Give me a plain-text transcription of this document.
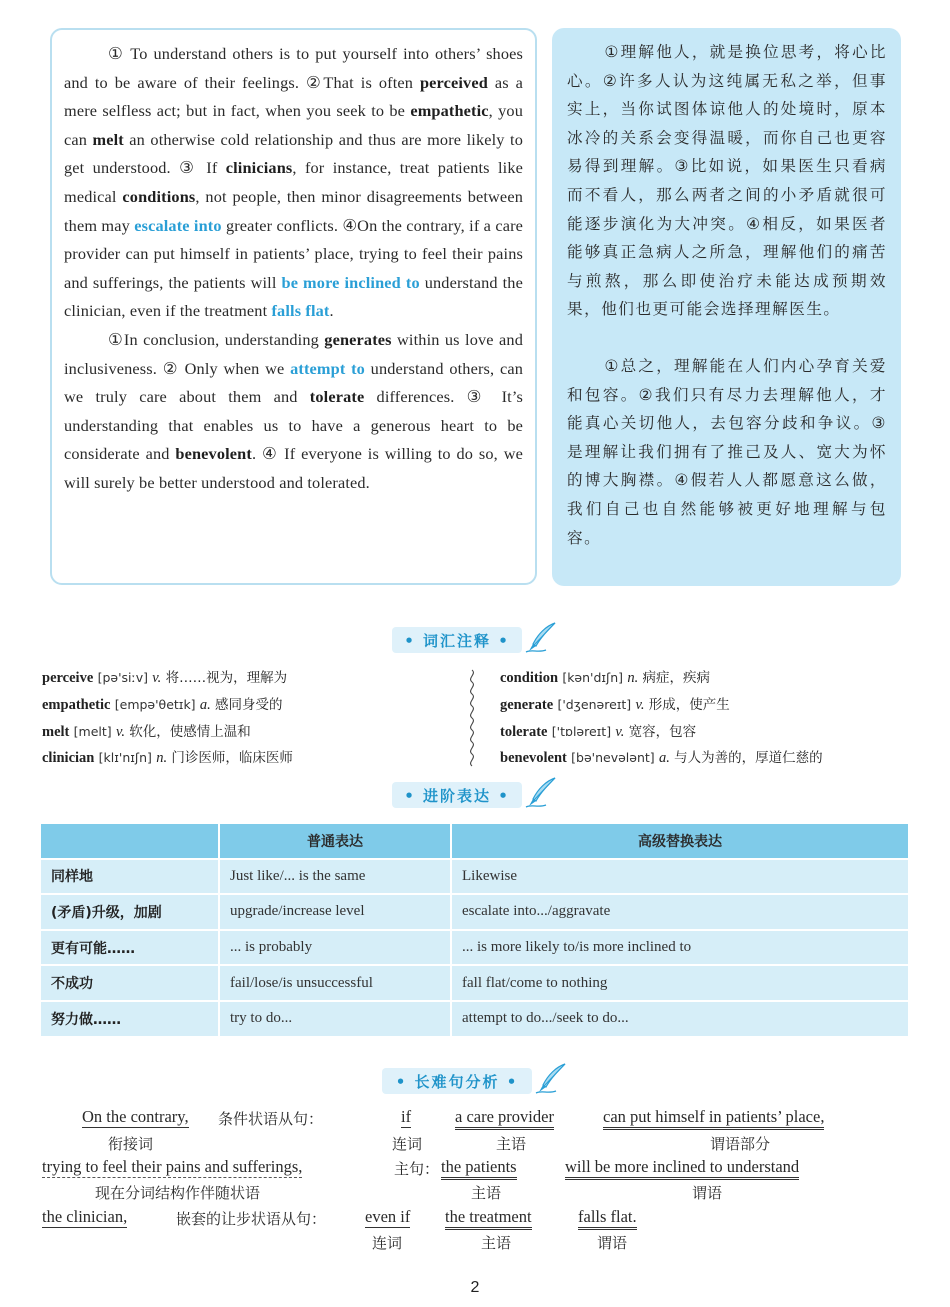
① To understand others is to put yourself into others’ shoes and to be aware of their feelings. ②That is often perceived as a mere selfless act; but in fact, when you seek to be empathetic, you can melt an otherwise cold relationship and thus are more likely to get understood. ③ If clinicians, for instance, treat patients like medical conditions, not people, then minor disagreements between them may escalate into greater conflicts. ④On the contrary, if a care provider can put himself in patients’ place, trying to feel their pains and sufferings, the patients will be more inclined to understand the clinician, even if the treatment falls flat.

①In conclusion, understanding generates within us love and inclusiveness. ② Only when we attempt to understand others, can we truly care about them and tolerate differences. ③ It’s understanding that enables us to have a generous heart to be considerate and benevolent. ④ If everyone is willing to do so, we will surely be better understood and tolerated.

①理解他人，就是换位思考，将心比心。②许多人认为这纯属无私之举，但事实上，当你试图体谅他人的处境时，原本冰冷的关系会变得温暖，而你自己也更容易得到理解。③比如说，如果医生只看病而不看人，那么两者之间的小矛盾就很可能逐步演化为大冲突。④相反，如果医者能够真正急病人之所急，理解他们的痛苦与煎熬，那么即使治疗未能达成预期效果，他们也更可能会选择理解医生。

①总之，理解能在人们内心孕育关爱和包容。②我们只有尽力去理解他人，才能真心关切他人，去包容分歧和争议。③是理解让我们拥有了推己及人、宽大为怀的博大胸襟。④假若人人都愿意这么做，我们自己也自然能够被更好地理解与包容。

• 词汇注释 •
perceive [pə'siːv] v. 将……视为，理解为
empathetic [empə'θetɪk] a. 感同身受的
melt [melt] v. 软化，使感情上温和
clinician [klɪ'nɪʃn] n. 门诊医师，临床医师
condition [kən'dɪʃn] n. 病症，疾病
generate ['dʒenəreɪt] v. 形成，使产生
tolerate ['tɒləreɪt] v. 宽容，包容
benevolent [bə'nevələnt] a. 与人为善的，厚道仁慈的
• 进阶表达 •
	普通表达	高级替换表达
同样地	Just like/... is the same	Likewise
(矛盾)升级，加剧	upgrade/increase level	escalate into.../aggravate
更有可能……	... is probably	... is more likely to/is more inclined to
不成功	fail/lose/is unsuccessful	fall flat/come to nothing
努力做……	try to do...	attempt to do.../seek to do...
• 长难句分析 •
On the contrary, 条件状语从句：	if	a care provider	can put himself in patients’ place,
衔接词	连词	主语	谓语部分
trying to feel their pains and sufferings,	主句： the patients	will be more inclined to understand
现在分词结构作伴随状语	主语	谓语
the clinician,	嵌套的让步状语从句： even if the treatment	falls flat.
连词	主语	谓语
2
